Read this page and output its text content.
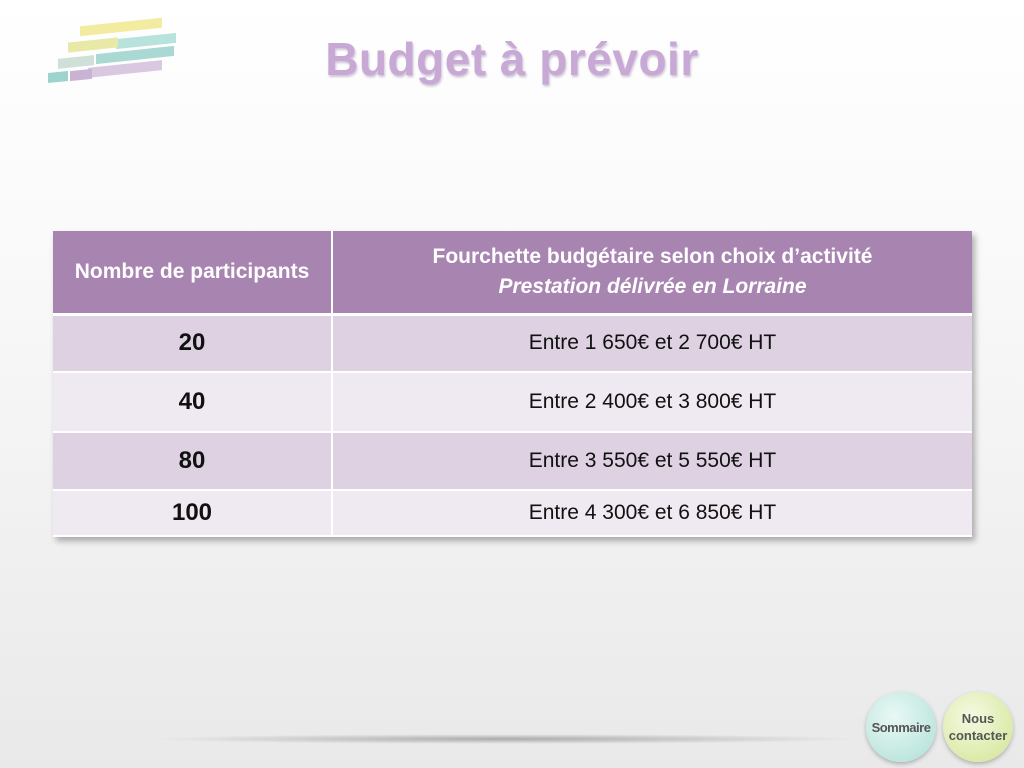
Budget à prévoir
Nombre de participants	Fourchette budgétaire selon choix d’activité
Prestation délivrée en Lorraine

20	Entre 1 650€ et 2 700€ HT
40	Entre 2 400€ et 3 800€ HT
80	Entre 3 550€ et 5 550€ HT
100	Entre 4 300€ et 6 850€ HT
Sommaire
Nous
contacter
